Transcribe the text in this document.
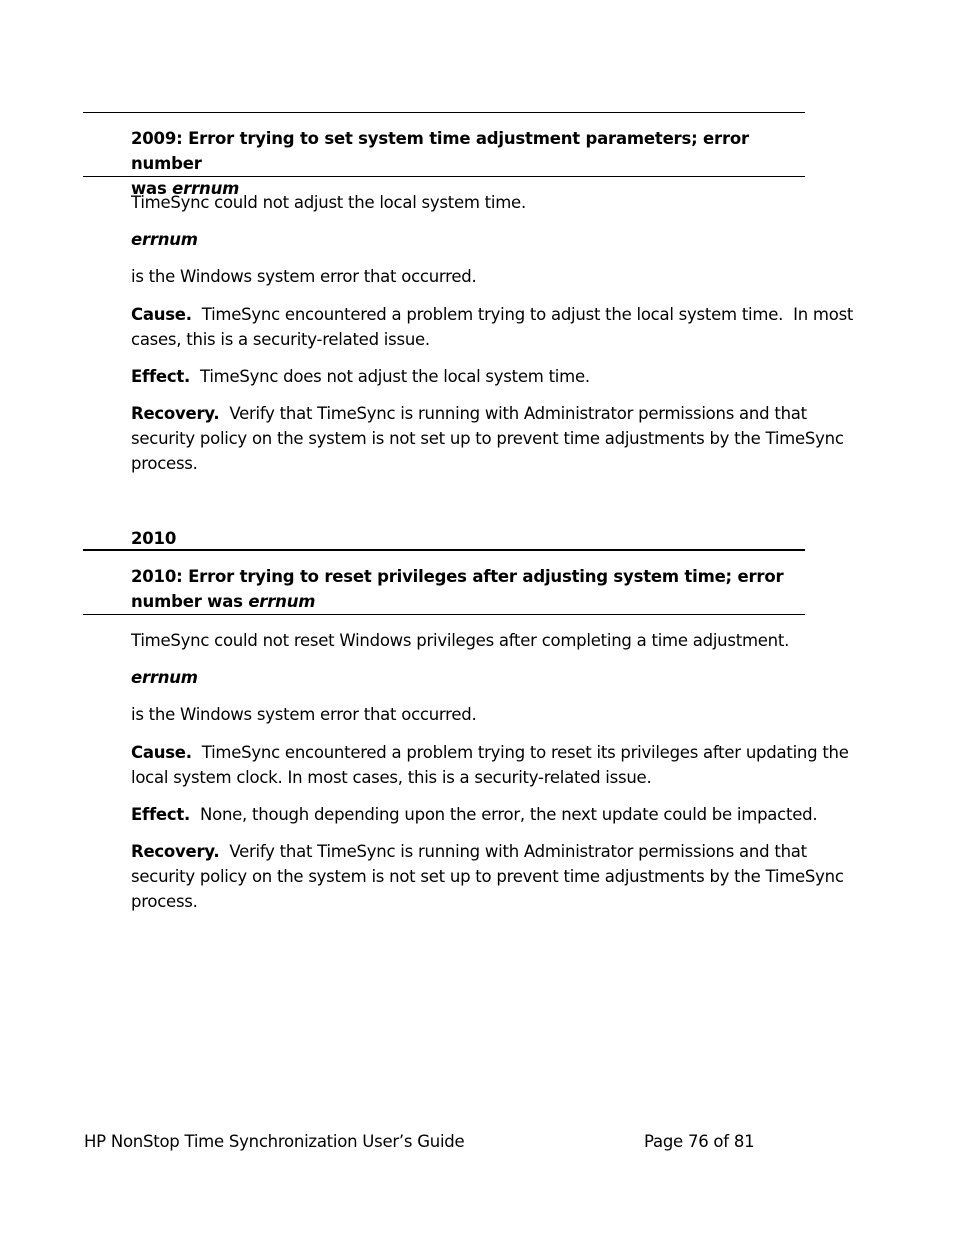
2009: Error trying to set system time adjustment parameters; error number
was errnum
TimeSync could not adjust the local system time.
errnum
is the Windows system error that occurred.
Cause.  TimeSync encountered a problem trying to adjust the local system time.  In most
cases, this is a security-related issue.
Effect.  TimeSync does not adjust the local system time.
Recovery.  Verify that TimeSync is running with Administrator permissions and that
security policy on the system is not set up to prevent time adjustments by the TimeSync
process.
2010
2010: Error trying to reset privileges after adjusting system time; error
number was errnum
TimeSync could not reset Windows privileges after completing a time adjustment.
errnum
is the Windows system error that occurred.
Cause.  TimeSync encountered a problem trying to reset its privileges after updating the
local system clock. In most cases, this is a security-related issue.
Effect.  None, though depending upon the error, the next update could be impacted.
Recovery.  Verify that TimeSync is running with Administrator permissions and that
security policy on the system is not set up to prevent time adjustments by the TimeSync
process.
HP NonStop Time Synchronization User’s Guide	Page 76 of 81
